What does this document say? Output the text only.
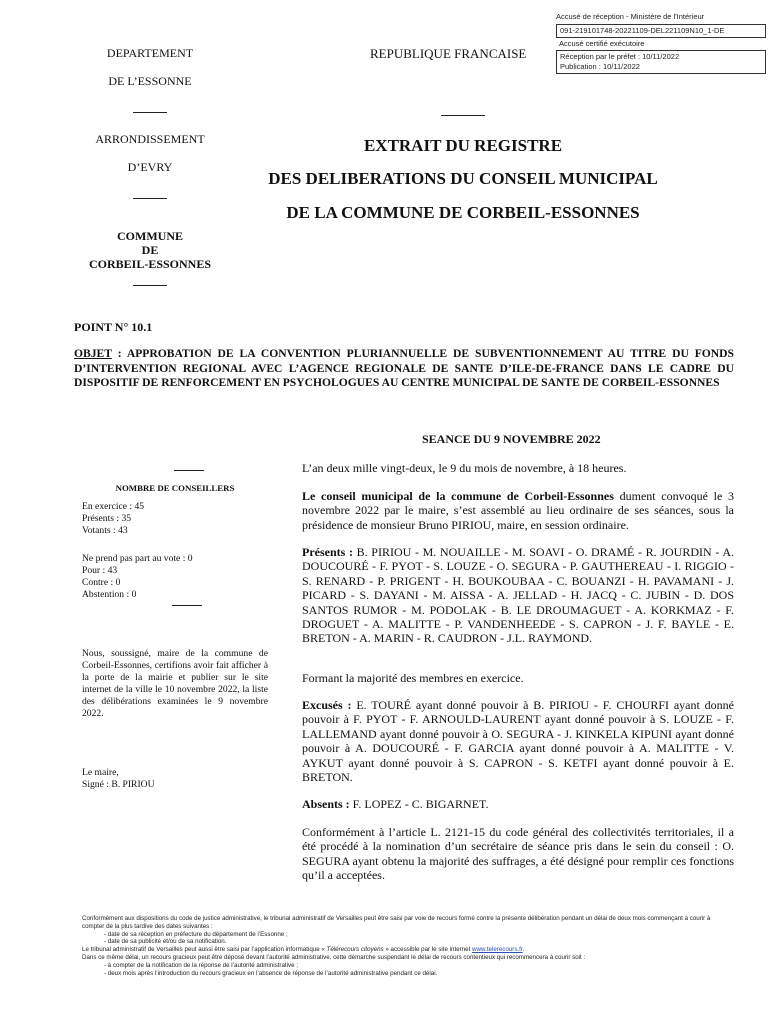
Accusé de réception - Ministère de l'Intérieur
091-219101748-20221109-DEL221109N10_1-DE
Accusé certifié exécutoire
Réception par le préfet : 10/11/2022
Publication : 10/11/2022
DEPARTEMENT
DE L’ESSONNE
ARRONDISSEMENT
D’EVRY
COMMUNE
DE
CORBEIL-ESSONNES
REPUBLIQUE FRANCAISE
EXTRAIT DU REGISTRE
DES DELIBERATIONS DU CONSEIL MUNICIPAL
DE LA COMMUNE DE CORBEIL-ESSONNES
POINT N° 10.1
OBJET : APPROBATION DE LA CONVENTION PLURIANNUELLE DE SUBVENTIONNEMENT AU TITRE DU FONDS D’INTERVENTION REGIONAL AVEC L’AGENCE REGIONALE DE SANTE D’ILE-DE-FRANCE DANS LE CADRE DU DISPOSITIF DE RENFORCEMENT EN PSYCHOLOGUES AU CENTRE MUNICIPAL DE SANTE DE CORBEIL-ESSONNES
SEANCE DU 9 NOVEMBRE 2022
NOMBRE DE CONSEILLERS
En exercice : 45
Présents : 35
Votants : 43
Ne prend pas part au vote : 0
Pour : 43
Contre : 0
Abstention : 0
Nous, soussigné, maire de la commune de Corbeil-Essonnes, certifions avoir fait afficher à la porte de la mairie et publier sur le site internet de la ville le 10 novembre 2022, la liste des délibérations examinées le 9 novembre 2022.
Le maire,
Signé : B. PIRIOU
L’an deux mille vingt-deux, le 9 du mois de novembre, à 18 heures.
Le conseil municipal de la commune de Corbeil-Essonnes dument convoqué le 3 novembre 2022 par le maire, s’est assemblé au lieu ordinaire de ses séances, sous la présidence de monsieur Bruno PIRIOU, maire, en session ordinaire.
Présents : B. PIRIOU - M. NOUAILLE - M. SOAVI - O. DRAMÉ - R. JOURDIN - A. DOUCOURÉ - F. PYOT - S. LOUZE - O. SEGURA - P. GAUTHEREAU - I. RIGGIO - S. RENARD - P. PRIGENT - H. BOUKOUBAA - C. BOUANZI - H. PAVAMANI - J. PICARD - S. DAYANI - M. AISSA - A. JELLAD - H. JACQ - C. JUBIN - D. DOS SANTOS RUMOR - M. PODOLAK - B. LE DROUMAGUET - A. KORKMAZ - F. DROGUET - A. MALITTE - P. VANDENHEEDE - S. CAPRON - J. F. BAYLE - E. BRETON - A. MARIN - R. CAUDRON - J.L. RAYMOND.
Formant la majorité des membres en exercice.
Excusés : E. TOURÉ ayant donné pouvoir à B. PIRIOU - F. CHOURFI ayant donné pouvoir à F. PYOT - F. ARNOULD-LAURENT ayant donné pouvoir à S. LOUZE - F. LALLEMAND ayant donné pouvoir à O. SEGURA - J. KINKELA KIPUNI ayant donné pouvoir à A. DOUCOURÉ - F. GARCIA ayant donné pouvoir à A. MALITTE - V. AYKUT ayant donné pouvoir à S. CAPRON - S. KETFI ayant donné pouvoir à E. BRETON.
Absents : F. LOPEZ - C. BIGARNET.
Conformément à l’article L. 2121-15 du code général des collectivités territoriales, il a été procédé à la nomination d’un secrétaire de séance pris dans le sein du conseil : O. SEGURA ayant obtenu la majorité des suffrages, a été désigné pour remplir ces fonctions qu’il a acceptées.
Conformément aux dispositions du code de justice administrative, le tribunal administratif de Versailles peut être saisi par voie de recours formé contre la présente délibération pendant un délai de deux mois commençant à courir à compter de la plus tardive des dates suivantes :
- date de sa réception en préfecture du département de l’Essonne ;
- date de sa publicité et/ou de sa notification.
Le tribunal administratif de Versailles peut aussi être saisi par l’application informatique « Télérecours citoyens » accessible par le site internet www.telerecours.fr.
Dans ce même délai, un recours gracieux peut être déposé devant l’autorité administrative, cette démarche suspendant le délai de recours contentieux qui recommencera à courir soit :
- à compter de la notification de la réponse de l’autorité administrative ;
- deux mois après l’introduction du recours gracieux en l’absence de réponse de l’autorité administrative pendant ce délai.
